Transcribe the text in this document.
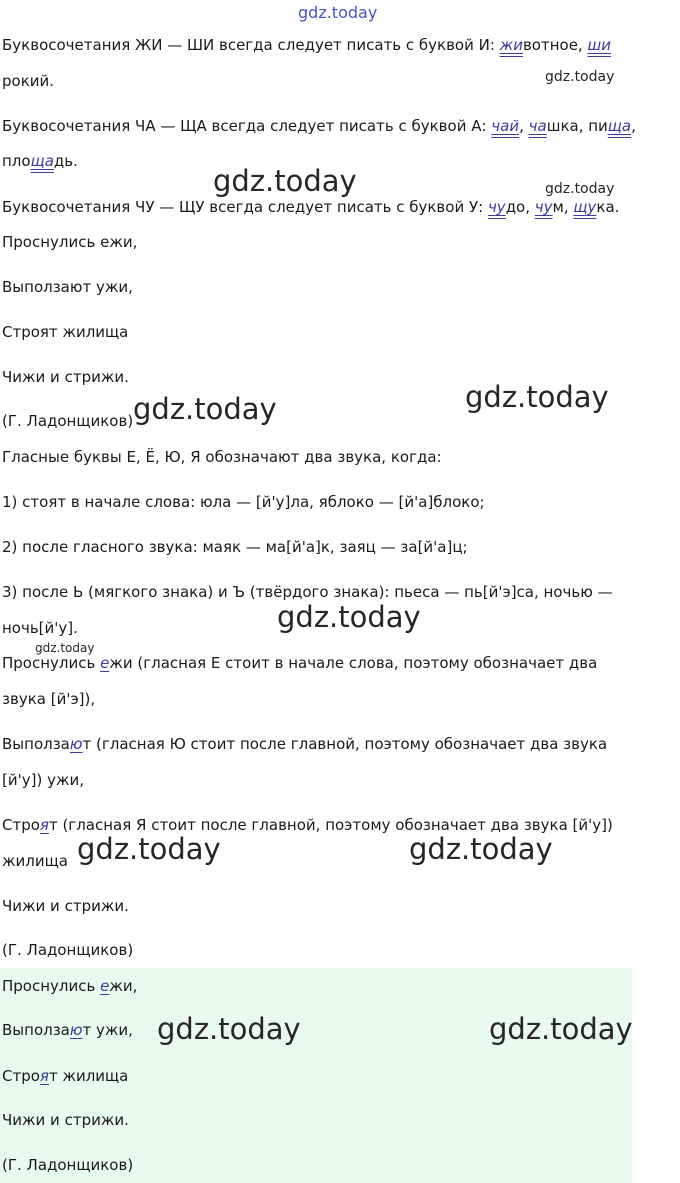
Буквосочетания ЖИ — ШИ всегда следует писать с буквой И: животное, ши

рокий.

Буквосочетания ЧА — ЩА всегда следует писать с буквой А: чай, чашка, пища,

площадь.

Буквосочетания ЧУ — ЩУ всегда следует писать с буквой У: чудо, чум, щука.

Проснулись ежи,

Выползают ужи,

Строят жилища

Чижи и стрижи.

(Г. Ладонщиков)

Гласные буквы Е, Ё, Ю, Я обозначают два звука, когда:

1) стоят в начале слова: юла — [й'у]ла, яблоко — [й'а]блоко;

2) после гласного звука: маяк — ма[й'а]к, заяц — за[й'а]ц;

3) после Ь (мягкого знака) и Ъ (твёрдого знака): пьеса — пь[й'э]са, ночью —

ночь[й'у].

Проснулись ежи (гласная Е стоит в начале слова, поэтому обозначает два

звука [й'э]),

Выползают (гласная Ю стоит после главной, поэтому обозначает два звука

[й'у]) ужи,

Строят (гласная Я стоит после главной, поэтому обозначает два звука [й'у])

жилища

Чижи и стрижи.

(Г. Ладонщиков)

Проснулись ежи,

Выползают ужи,

Строят жилища

Чижи и стрижи.

(Г. Ладонщиков)

gdz.today
gdz.today
gdz.today	gdz.today
gdz.today	gdz.today
gdz.today
gdz.today
gdz.today	gdz.today
gdz.today	gdz.today
